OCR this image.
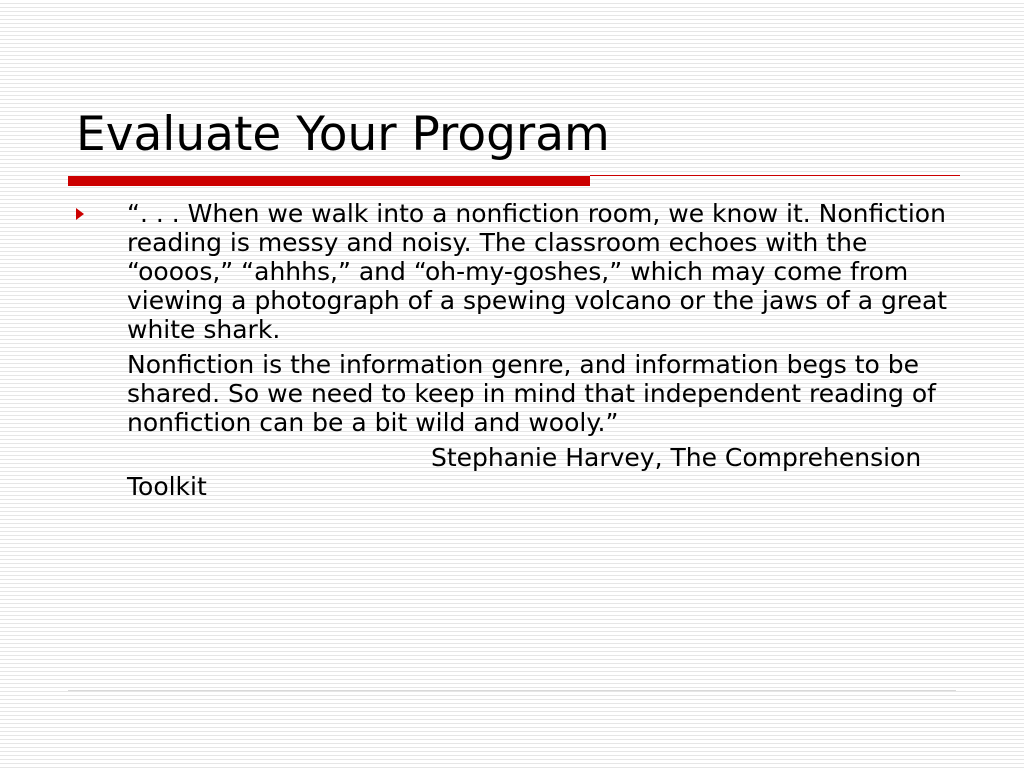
Evaluate Your Program

“. . . When we walk into a nonfiction room, we know it. Nonfiction reading is messy and noisy. The classroom echoes with the “oooos,” “ahhhs,” and “oh-my-goshes,” which may come from viewing a photograph of a spewing volcano or the jaws of a great white shark.

Nonfiction is the information genre, and information begs to be shared. So we need to keep in mind that independent reading of nonfiction can be a bit wild and wooly.”

Stephanie Harvey, The Comprehension Toolkit
